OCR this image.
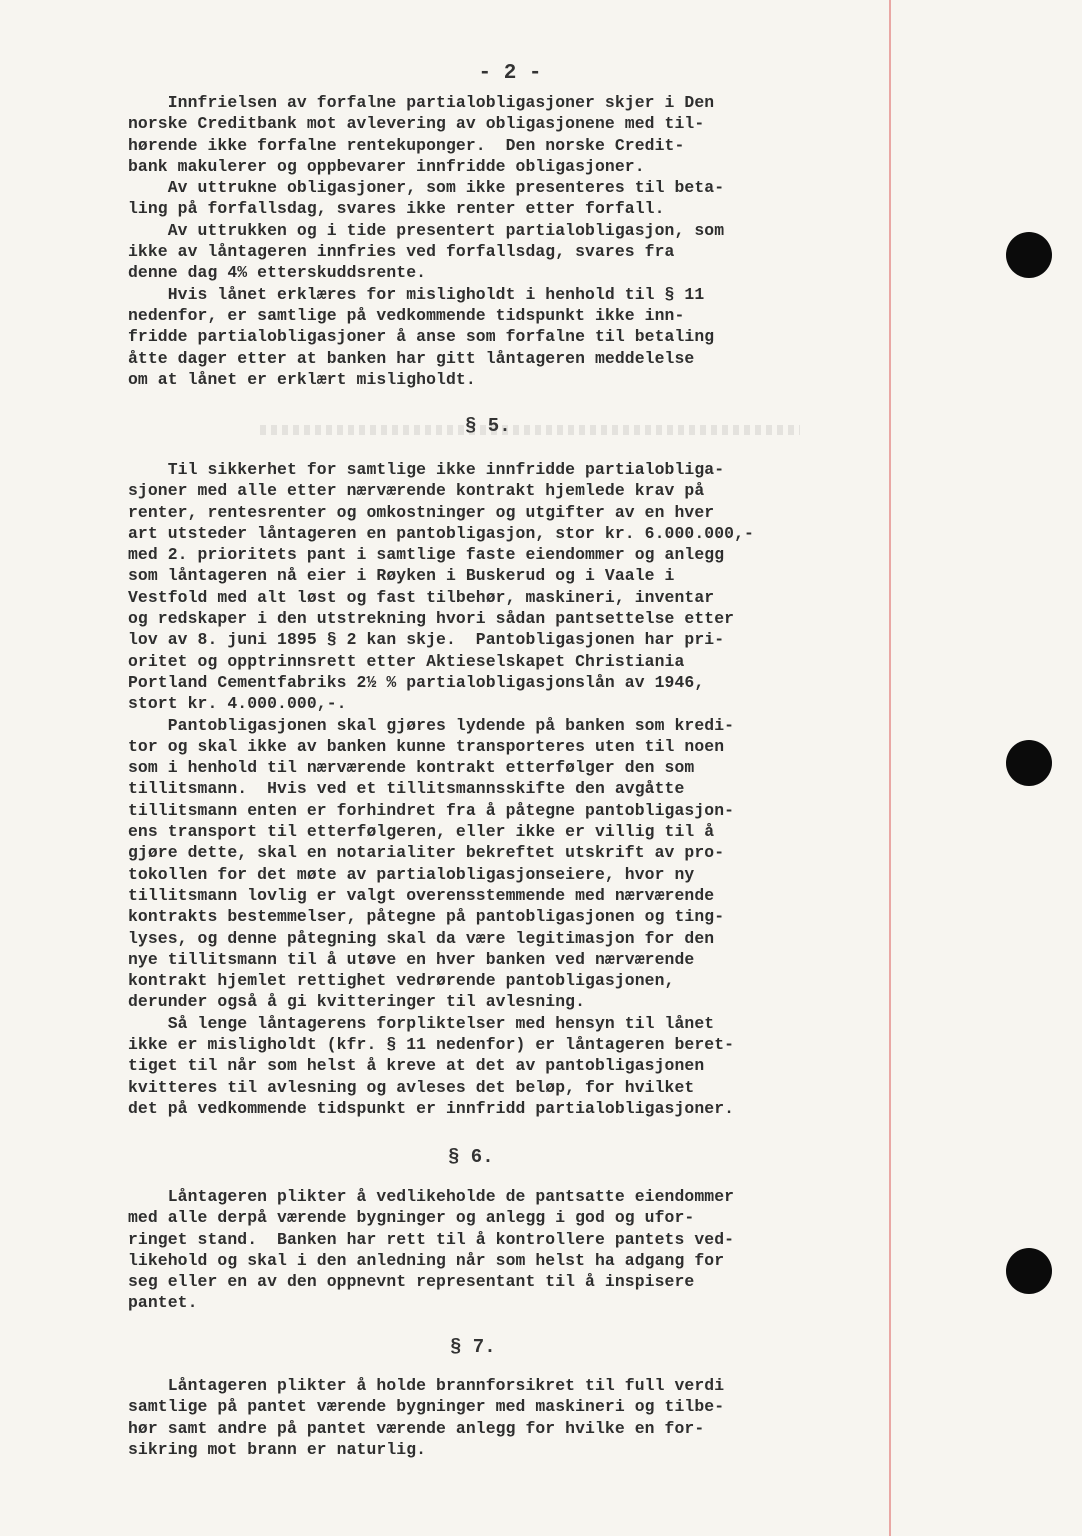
- 2 -
Innfrielsen av forfalne partialobligasjoner skjer i Den
norske Creditbank mot avlevering av obligasjonene med til-
hørende ikke forfalne rentekuponger.  Den norske Credit-
bank makulerer og oppbevarer innfridde obligasjoner.
Av uttrukne obligasjoner, som ikke presenteres til beta-
ling på forfallsdag, svares ikke renter etter forfall.
Av uttrukken og i tide presentert partialobligasjon, som
ikke av låntageren innfries ved forfallsdag, svares fra
denne dag 4% etterskuddsrente.
Hvis lånet erklæres for misligholdt i henhold til § 11
nedenfor, er samtlige på vedkommende tidspunkt ikke inn-
fridde partialobligasjoner å anse som forfalne til betaling
åtte dager etter at banken har gitt låntageren meddelelse
om at lånet er erklært misligholdt.
§ 5.
Til sikkerhet for samtlige ikke innfridde partialobliga-
sjoner med alle etter nærværende kontrakt hjemlede krav på
renter, rentesrenter og omkostninger og utgifter av en hver
art utsteder låntageren en pantobligasjon, stor kr. 6.000.000,-
med 2. prioritets pant i samtlige faste eiendommer og anlegg
som låntageren nå eier i Røyken i Buskerud og i Vaale i
Vestfold med alt løst og fast tilbehør, maskineri, inventar
og redskaper i den utstrekning hvori sådan pantsettelse etter
lov av 8. juni 1895 § 2 kan skje.  Pantobligasjonen har pri-
oritet og opptrinnsrett etter Aktieselskapet Christiania
Portland Cementfabriks 2½ % partialobligasjonslån av 1946,
stort kr. 4.000.000,-.
Pantobligasjonen skal gjøres lydende på banken som kredi-
tor og skal ikke av banken kunne transporteres uten til noen
som i henhold til nærværende kontrakt etterfølger den som
tillitsmann.  Hvis ved et tillitsmannsskifte den avgåtte
tillitsmann enten er forhindret fra å påtegne pantobligasjon-
ens transport til etterfølgeren, eller ikke er villig til å
gjøre dette, skal en notarialiter bekreftet utskrift av pro-
tokollen for det møte av partialobligasjonseiere, hvor ny
tillitsmann lovlig er valgt overensstemmende med nærværende
kontrakts bestemmelser, påtegne på pantobligasjonen og ting-
lyses, og denne påtegning skal da være legitimasjon for den
nye tillitsmann til å utøve en hver banken ved nærværende
kontrakt hjemlet rettighet vedrørende pantobligasjonen,
derunder også å gi kvitteringer til avlesning.
Så lenge låntagerens forpliktelser med hensyn til lånet
ikke er misligholdt (kfr. § 11 nedenfor) er låntageren beret-
tiget til når som helst å kreve at det av pantobligasjonen
kvitteres til avlesning og avleses det beløp, for hvilket
det på vedkommende tidspunkt er innfridd partialobligasjoner.
§ 6.
Låntageren plikter å vedlikeholde de pantsatte eiendommer
med alle derpå værende bygninger og anlegg i god og ufor-
ringet stand.  Banken har rett til å kontrollere pantets ved-
likehold og skal i den anledning når som helst ha adgang for
seg eller en av den oppnevnt representant til å inspisere
pantet.
§ 7.
Låntageren plikter å holde brannforsikret til full verdi
samtlige på pantet værende bygninger med maskineri og tilbe-
hør samt andre på pantet værende anlegg for hvilke en for-
sikring mot brann er naturlig.
